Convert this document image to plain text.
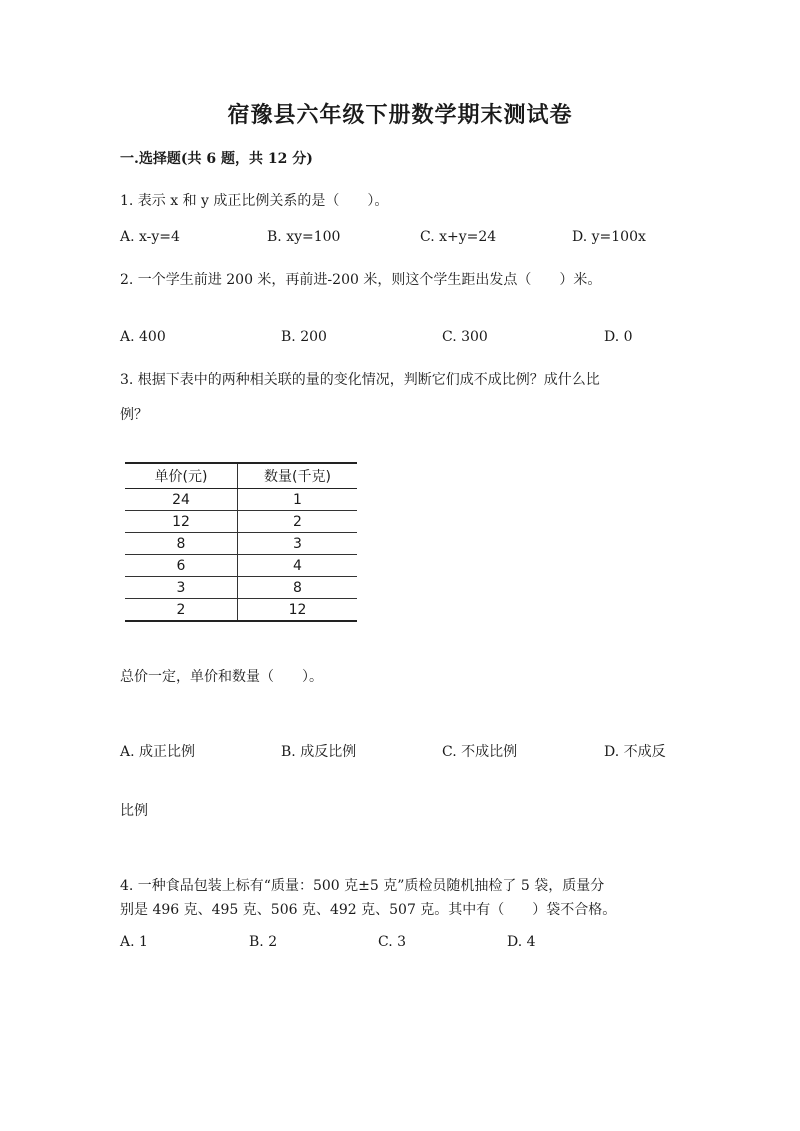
宿豫县六年级下册数学期末测试卷
一.选择题(共 6 题，共 12 分)
1. 表示 x 和 y 成正比例关系的是（　　）。
A. x-y=4	B. xy=100	C. x+y=24	D. y=100x
2. 一个学生前进 200 米，再前进-200 米，则这个学生距出发点（　　）米。
A. 400	B. 200	C. 300	D. 0
3. 根据下表中的两种相关联的量的变化情况，判断它们成不成比例？成什么比
例？
单价(元)	数量(千克)
24	1
12	2
8	3
6	4
3	8
2	12
总价一定，单价和数量（　　）。
A. 成正比例	B. 成反比例	C. 不成比例	D. 不成反
比例
4. 一种食品包装上标有“质量：500 克±5 克”质检员随机抽检了 5 袋，质量分
别是 496 克、495 克、506 克、492 克、507 克。其中有（　　）袋不合格。
A. 1	B. 2	C. 3	D. 4
